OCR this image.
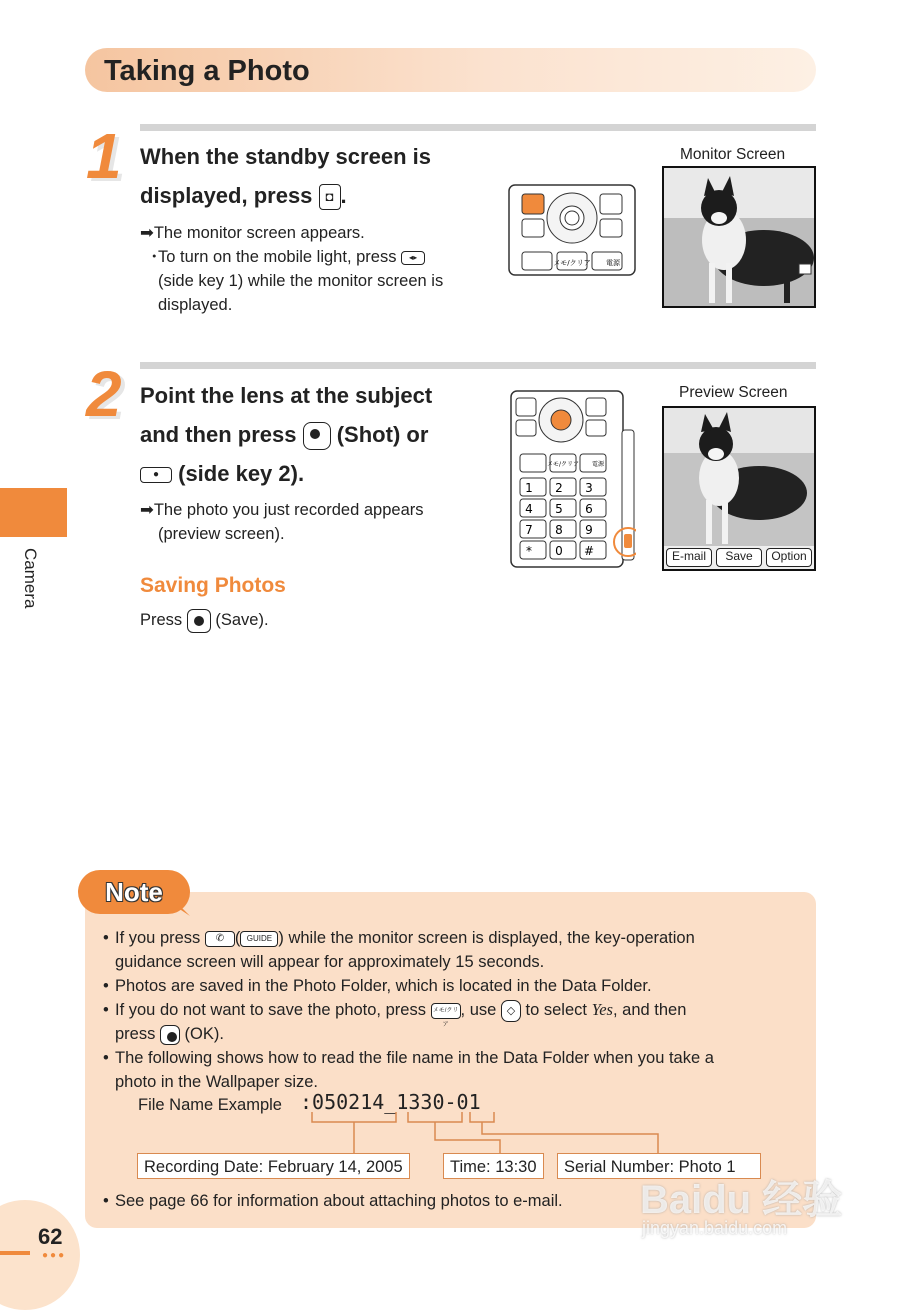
Taking a Photo
Camera
1 When the standby screen is
displayed, press ◘ .
➡The monitor screen appears.
・
To turn on the mobile light, press ◂▸
(side key 1) while the monitor screen is
displayed.
メモ/クリア 電源
Monitor Screen
2 Point the lens at the subject
and then press (Shot) or
● (side key 2).
➡The photo you just recorded appears
(preview screen).
メモ/クリア 電源
1 2 3
4 5 6
7 8 9
* 0 #
Preview Screen
E-mail	Save	Option
Saving Photos
Press (Save).
Note
• If you press ✆ ( GUIDE ) while the monitor screen is displayed, the key-operation
guidance screen will appear for approximately 15 seconds.
• Photos are saved in the Photo Folder, which is located in the Data Folder.
• If you do not want to save the photo, press メモ/クリア, use ◇ to select Yes, and then
press (OK).
• The following shows how to read the file name in the Data Folder when you take a
photo in the Wallpaper size.
File Name Example :050214_1330‑01
Recording Date: February 14, 2005	Time: 13:30	Serial Number: Photo 1
• See page 66 for information about attaching photos to e-mail.
●●●
62
Baidu 经验
jingyan.baidu.com
